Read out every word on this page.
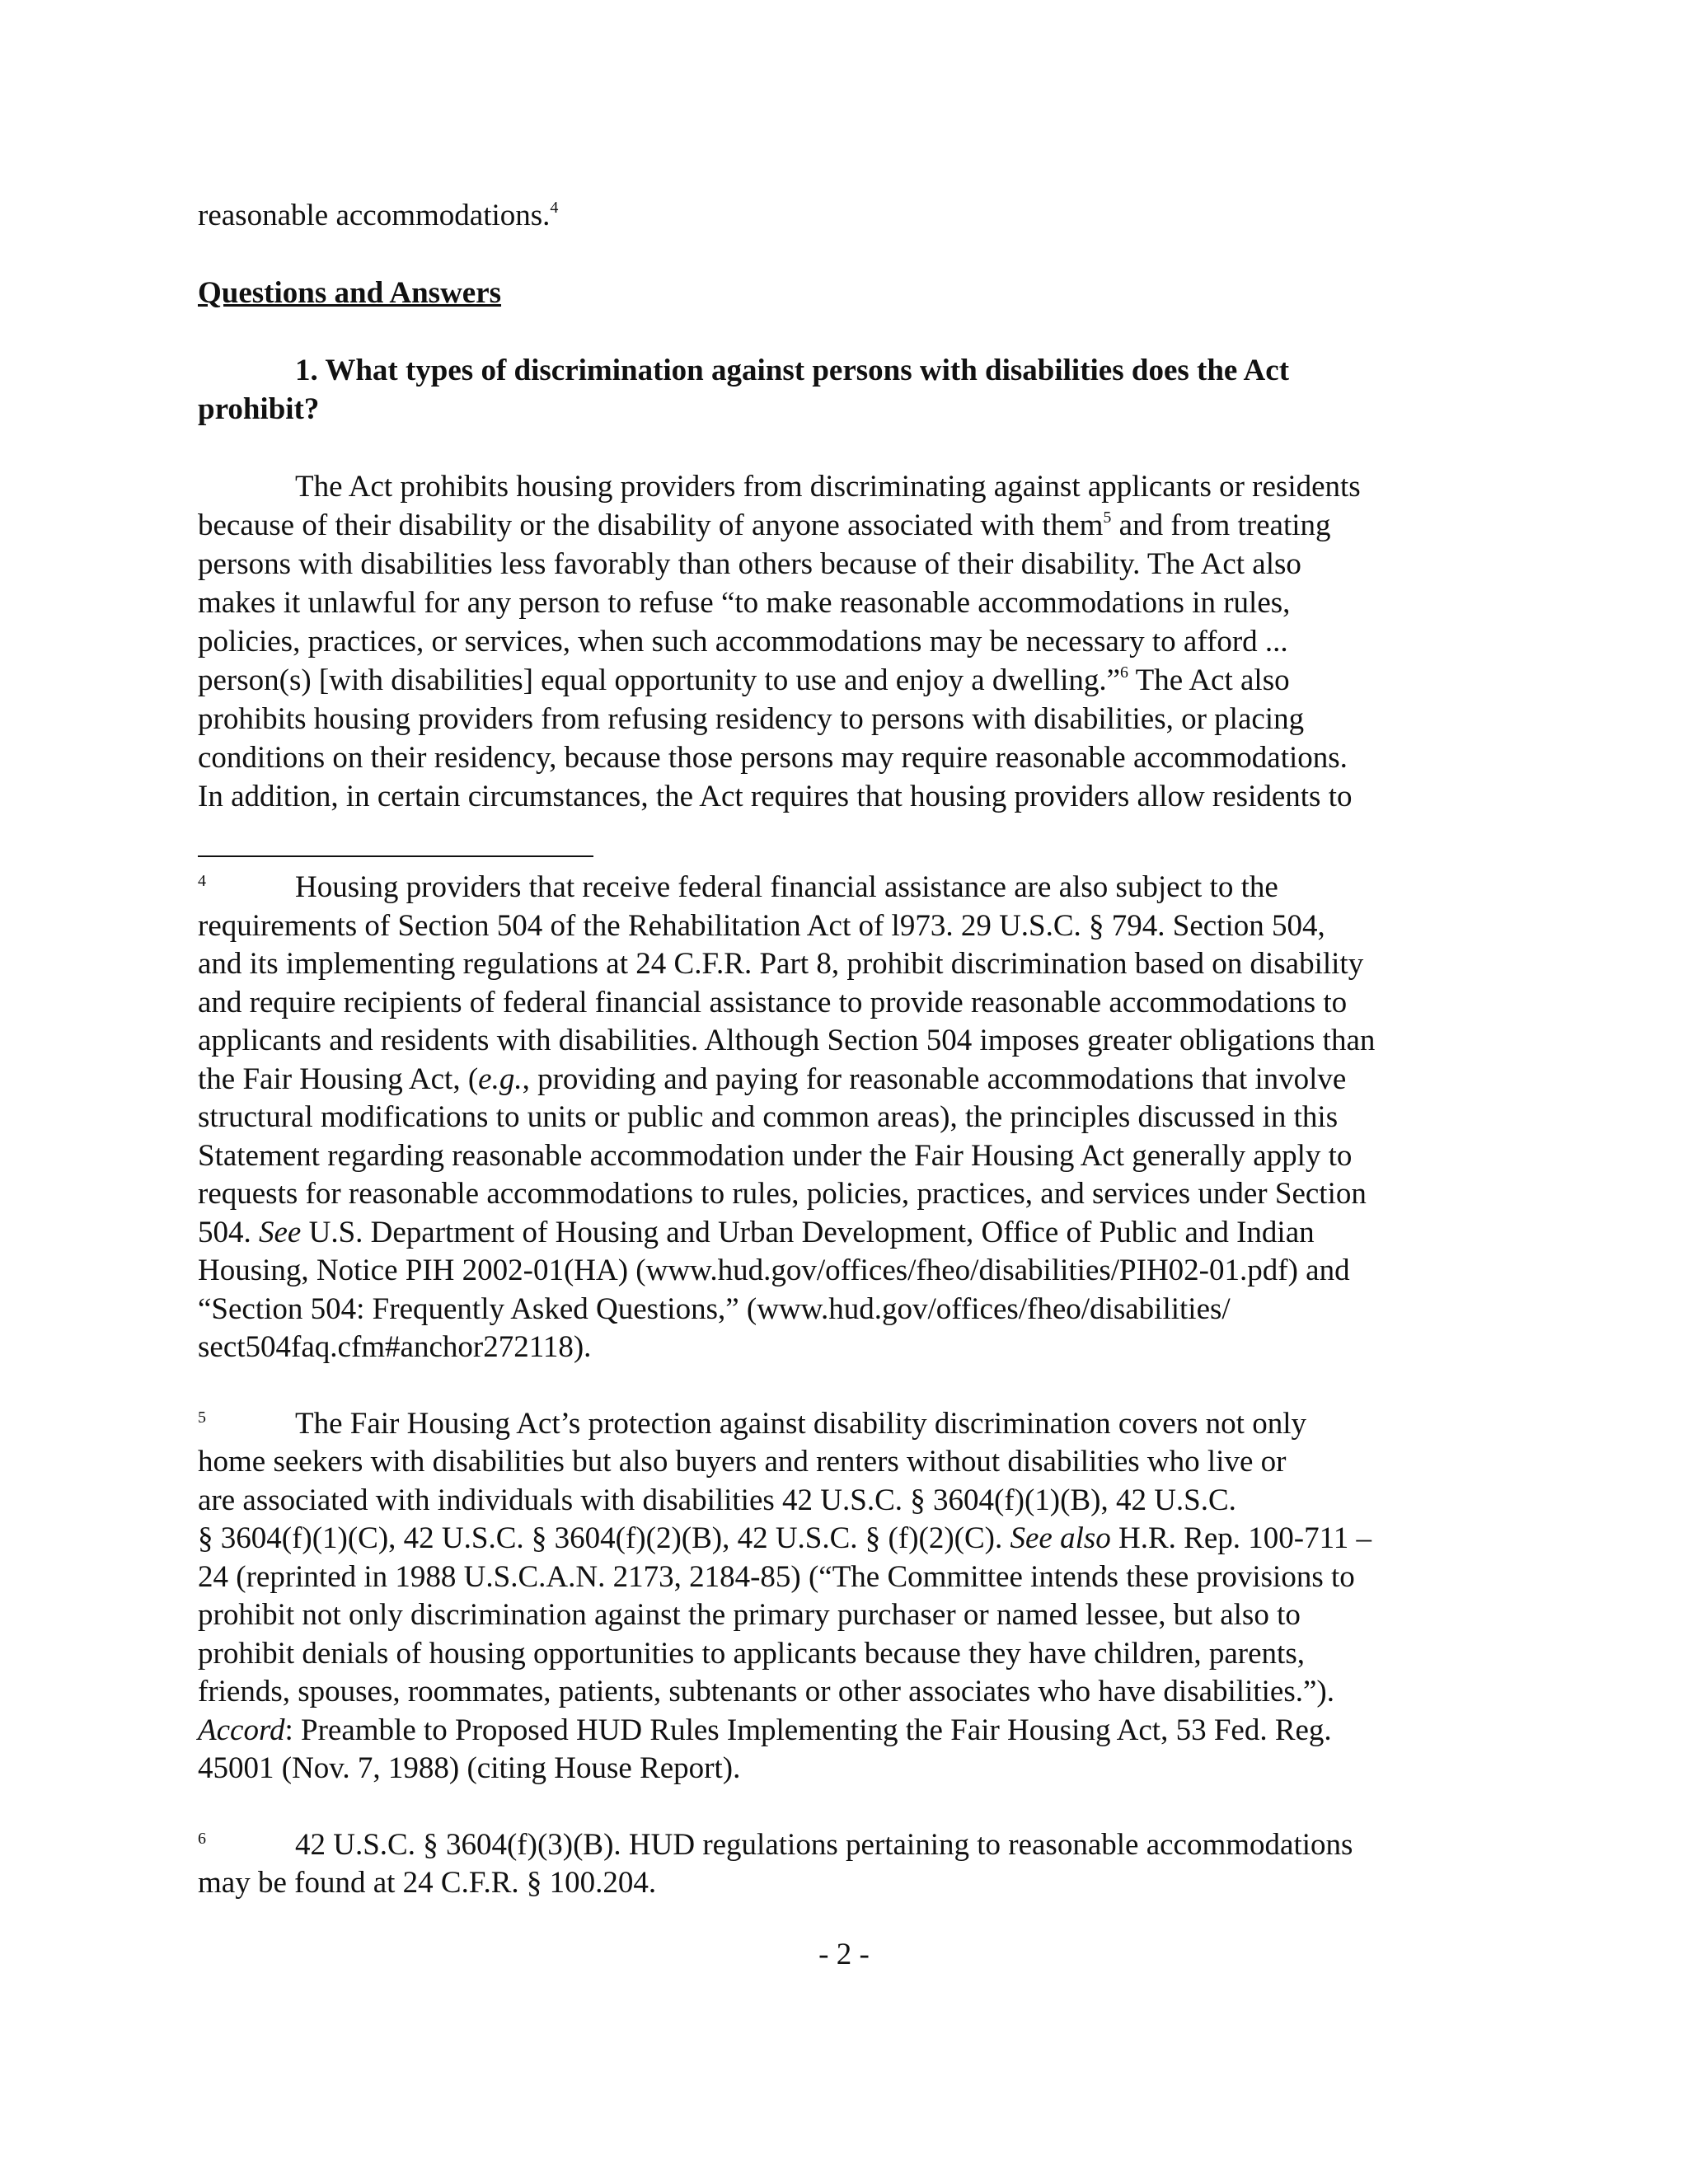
reasonable accommodations.$^4$

Questions and Answers

1. What types of discrimination against persons with disabilities does the Act

prohibit?

The Act prohibits housing providers from discriminating against applicants or residents

because of their disability or the disability of anyone associated with them$^5$ and from treating

persons with disabilities less favorably than others because of their disability. The Act also

makes it unlawful for any person to refuse “to make reasonable accommodations in rules,

policies, practices, or services, when such accommodations may be necessary to afford ...

person(s) [with disabilities] equal opportunity to use and enjoy a dwelling.”$^6$ The Act also

prohibits housing providers from refusing residency to persons with disabilities, or placing

conditions on their residency, because those persons may require reasonable accommodations.

In addition, in certain circumstances, the Act requires that housing providers allow residents to

4	Housing providers that receive federal financial assistance are also subject to the

requirements of Section 504 of the Rehabilitation Act of l973. 29 U.S.C. § 794. Section 504,

and its implementing regulations at 24 C.F.R. Part 8, prohibit discrimination based on disability

and require recipients of federal financial assistance to provide reasonable accommodations to

applicants and residents with disabilities. Although Section 504 imposes greater obligations than

the Fair Housing Act, (e.g., providing and paying for reasonable accommodations that involve

structural modifications to units or public and common areas), the principles discussed in this

Statement regarding reasonable accommodation under the Fair Housing Act generally apply to

requests for reasonable accommodations to rules, policies, practices, and services under Section

504. See U.S. Department of Housing and Urban Development, Office of Public and Indian

Housing, Notice PIH 2002-01(HA) (www.hud.gov/offices/fheo/disabilities/PIH02-01.pdf) and

“Section 504: Frequently Asked Questions,” (www.hud.gov/offices/fheo/disabilities/

sect504faq.cfm#anchor272118).

5	The Fair Housing Act’s protection against disability discrimination covers not only

home seekers with disabilities but also buyers and renters without disabilities who live or

are associated with individuals with disabilities 42 U.S.C. § 3604(f)(1)(B), 42 U.S.C.

§ 3604(f)(1)(C), 42 U.S.C. § 3604(f)(2)(B), 42 U.S.C. § (f)(2)(C). See also H.R. Rep. 100-711 –

24 (reprinted in 1988 U.S.C.A.N. 2173, 2184-85) (“The Committee intends these provisions to

prohibit not only discrimination against the primary purchaser or named lessee, but also to

prohibit denials of housing opportunities to applicants because they have children, parents,

friends, spouses, roommates, patients, subtenants or other associates who have disabilities.”).

Accord: Preamble to Proposed HUD Rules Implementing the Fair Housing Act, 53 Fed. Reg.

45001 (Nov. 7, 1988) (citing House Report).

6	42 U.S.C. § 3604(f)(3)(B). HUD regulations pertaining to reasonable accommodations

may be found at 24 C.F.R. § 100.204.

- 2 -
